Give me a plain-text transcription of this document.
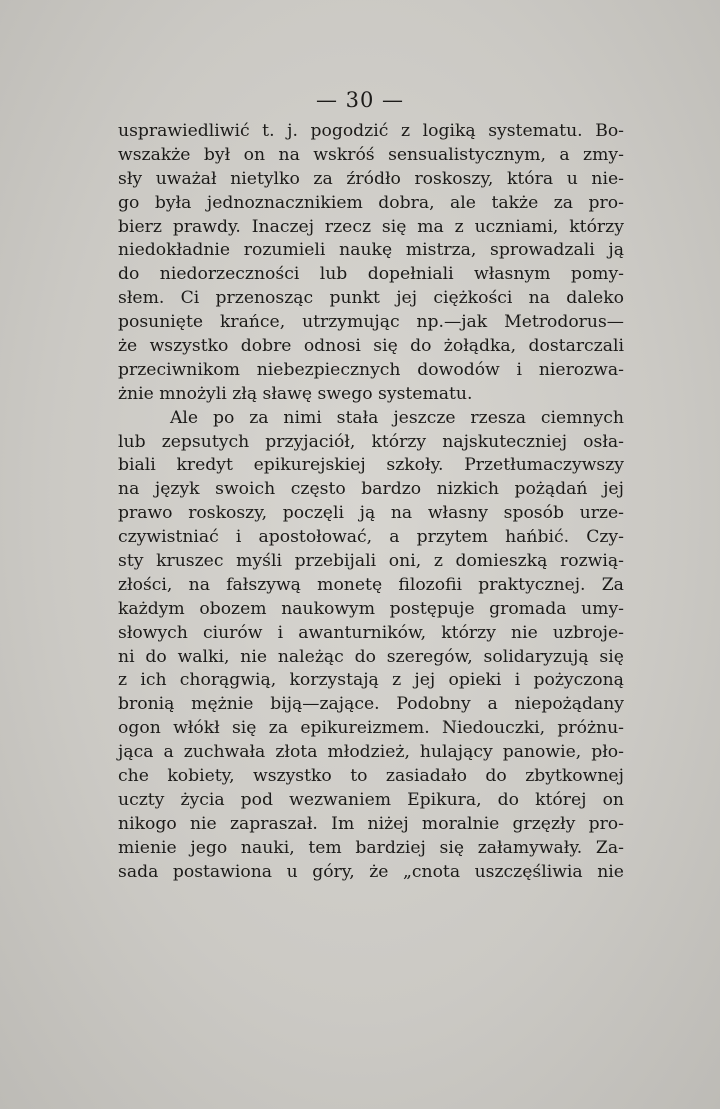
— 30 —
usprawiedliwić t. j. pogodzić z logiką systematu. Bo-
wszakże był on na wskróś sensualistycznym, a zmy-
sły uważał nietylko za źródło roskoszy, która u nie-
go była jednoznacznikiem dobra, ale także za pro-
bierz prawdy. Inaczej rzecz się ma z uczniami, którzy
niedokładnie rozumieli naukę mistrza, sprowadzali ją
do niedorzeczności lub dopełniali własnym pomy-
słem. Ci przenosząc punkt jej ciężkości na daleko
posunięte krańce, utrzymując np.—jak Metrodorus—
że wszystko dobre odnosi się do żołądka, dostarczali
przeciwnikom niebezpiecznych dowodów i nierozwa-
żnie mnożyli złą sławę swego systematu.
Ale po za nimi stała jeszcze rzesza ciemnych
lub zepsutych przyjaciół, którzy najskuteczniej osła-
biali kredyt epikurejskiej szkoły. Przetłumaczywszy
na język swoich często bardzo nizkich pożądań jej
prawo roskoszy, poczęli ją na własny sposób urze-
czywistniać i apostołować, a przytem hańbić. Czy-
sty kruszec myśli przebijali oni, z domieszką rozwią-
złości, na fałszywą monetę filozofii praktycznej. Za
każdym obozem naukowym postępuje gromada umy-
słowych ciurów i awanturników, którzy nie uzbroje-
ni do walki, nie należąc do szeregów, solidaryzują się
z ich chorągwią, korzystają z jej opieki i pożyczoną
bronią mężnie biją—zające. Podobny a niepożądany
ogon włókł się za epikureizmem. Niedouczki, próżnu-
jąca a zuchwała złota młodzież, hulający panowie, pło-
che kobiety, wszystko to zasiadało do zbytkownej
uczty życia pod wezwaniem Epikura, do której on
nikogo nie zapraszał. Im niżej moralnie grzęzły pro-
mienie jego nauki, tem bardziej się załamywały. Za-
sada postawiona u góry, że „cnota uszczęśliwia nie
